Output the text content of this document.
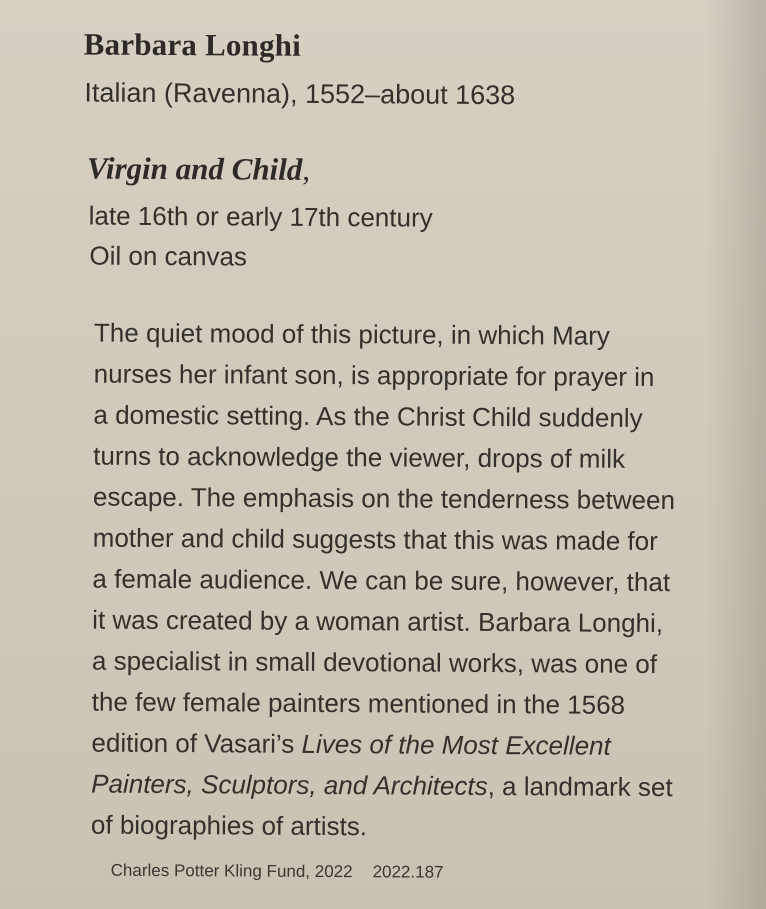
Barbara Longhi
Italian (Ravenna), 1552–about 1638
Virgin and Child,
late 16th or early 17th century
Oil on canvas
The quiet mood of this picture, in which Mary
nurses her infant son, is appropriate for prayer in
a domestic setting. As the Christ Child suddenly
turns to acknowledge the viewer, drops of milk
escape. The emphasis on the tenderness between
mother and child suggests that this was made for
a female audience. We can be sure, however, that
it was created by a woman artist. Barbara Longhi,
a specialist in small devotional works, was one of
the few female painters mentioned in the 1568
edition of Vasari’s Lives of the Most Excellent
Painters, Sculptors, and Architects, a landmark set
of biographies of artists.
Charles Potter Kling Fund, 2022 2022.187
